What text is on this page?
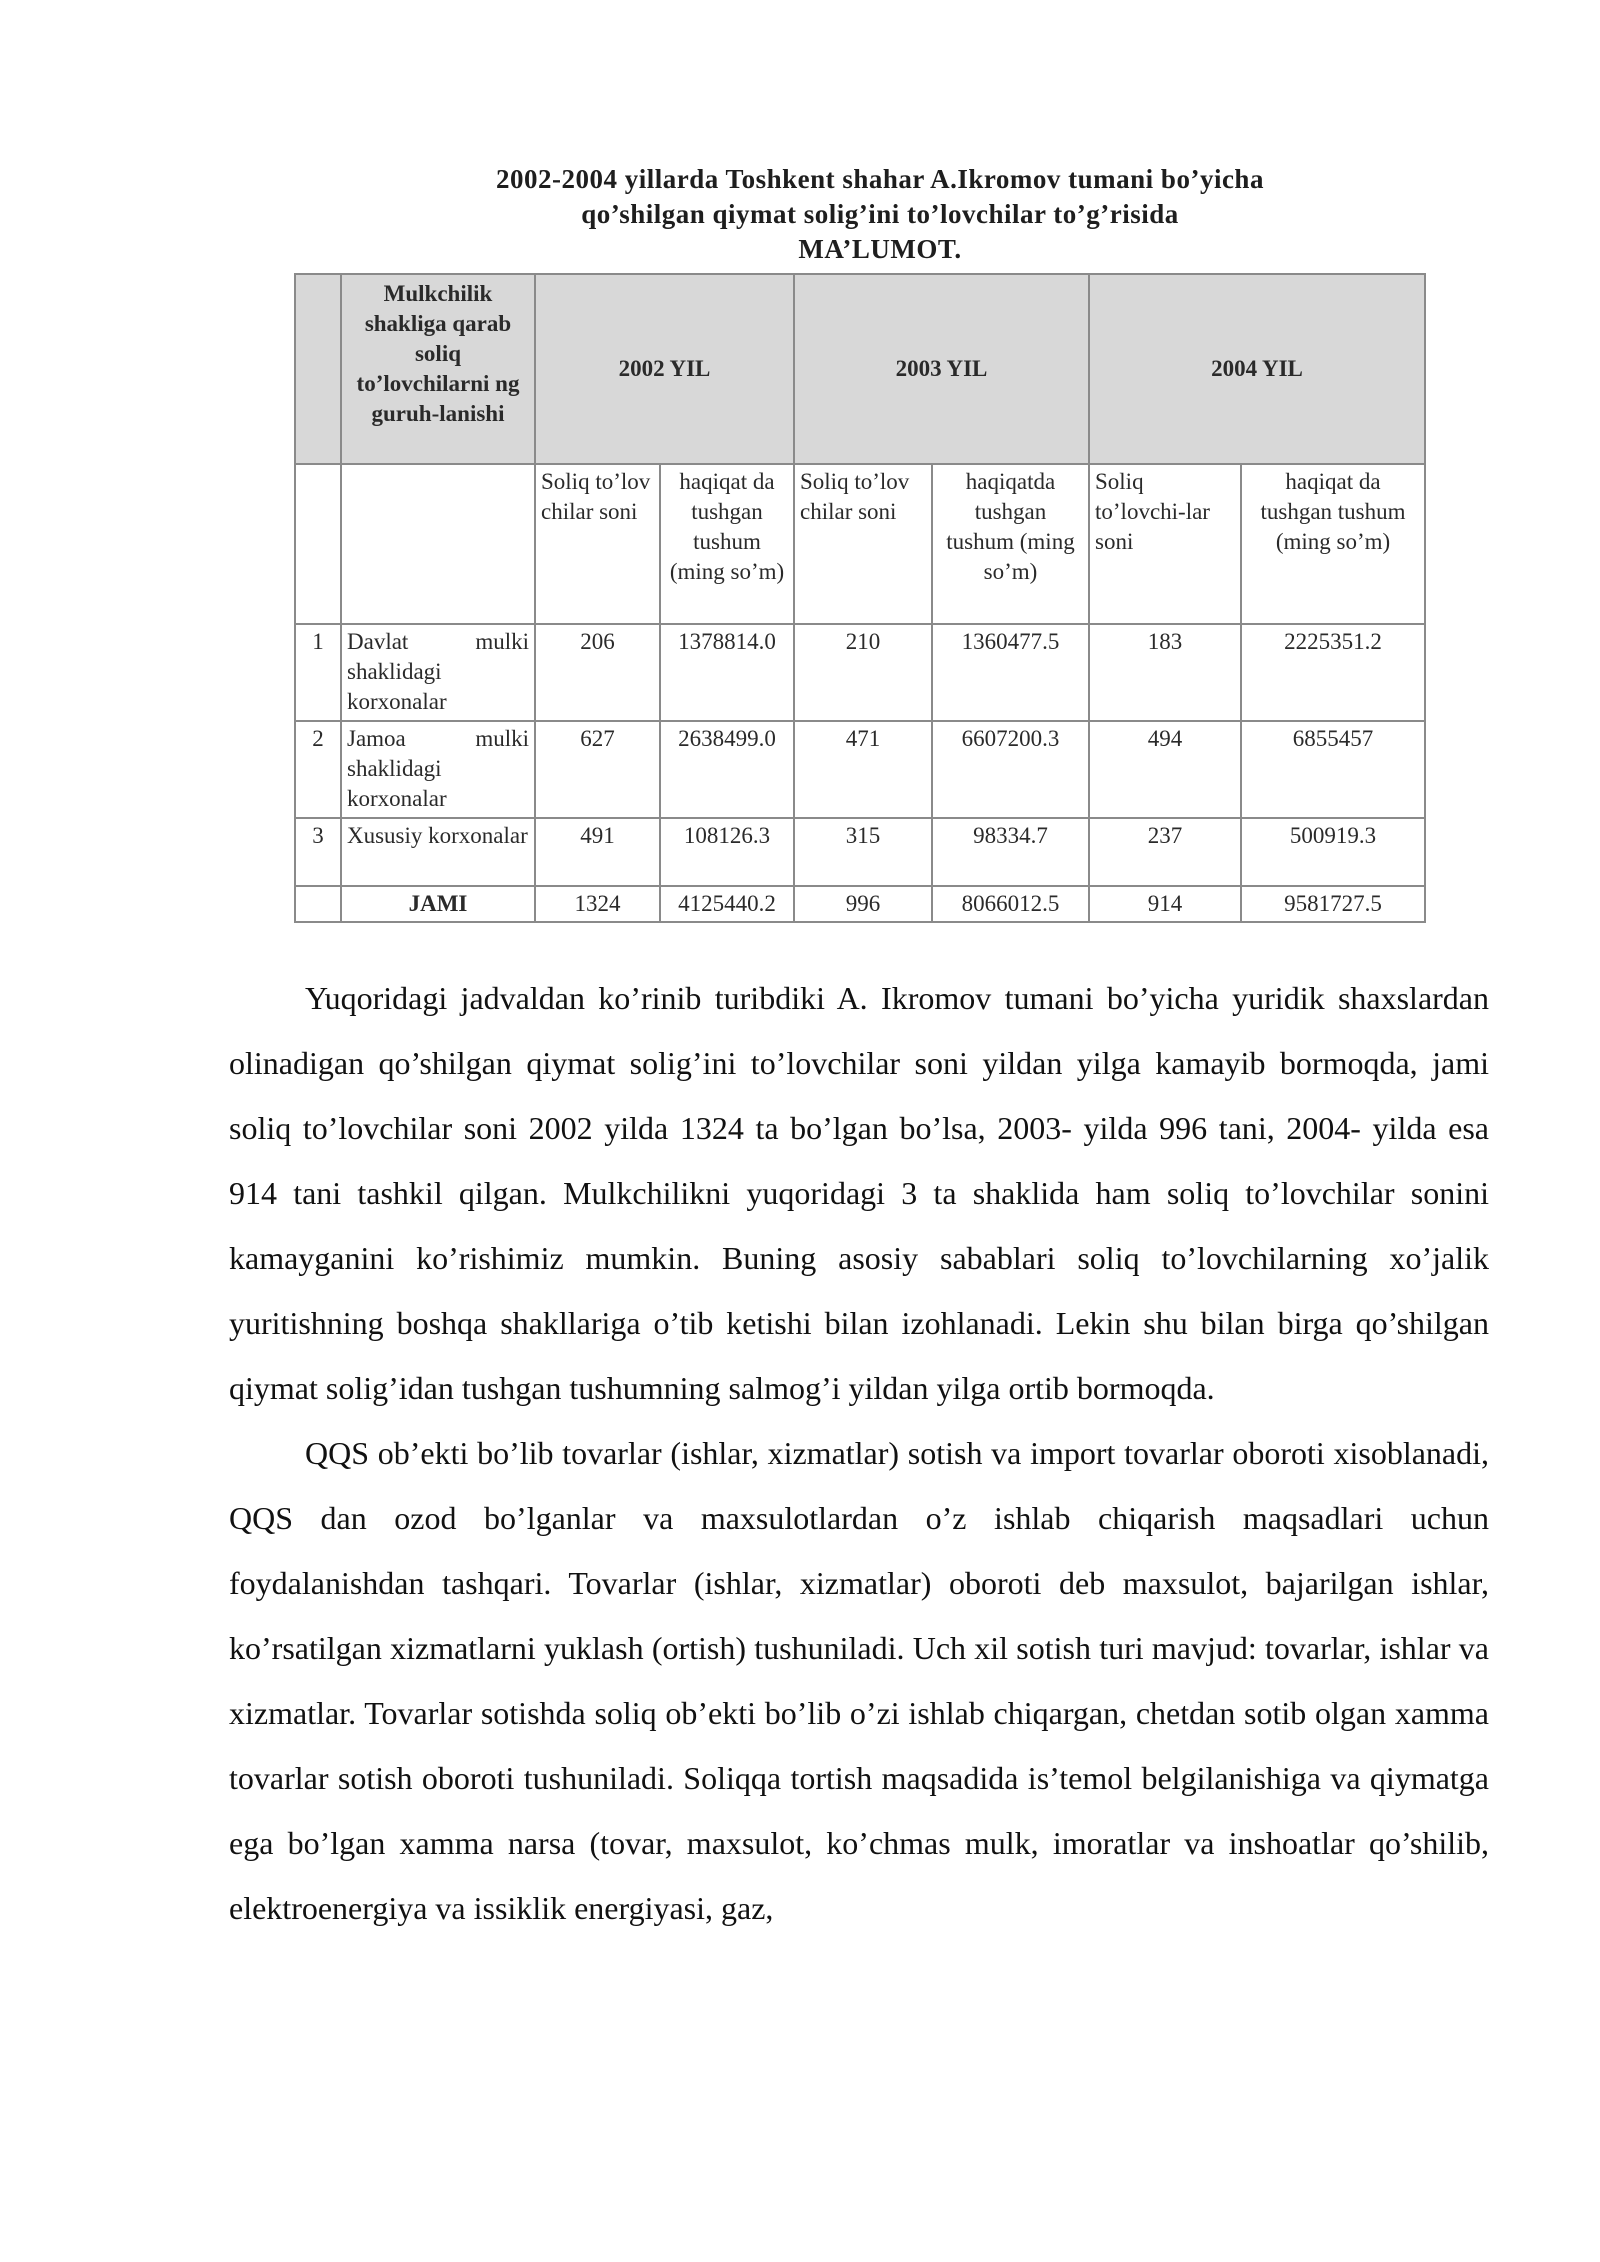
2002-2004 yillarda Toshkent shahar A.Ikromov tumani bo’yicha
qo’shilgan qiymat solig’ini to’lovchilar to’g’risida
MA’LUMOT.
	Mulkchilik shakliga qarab soliq to’lovchilarni ng guruh-lanishi	2002 YIL		2003 YIL		2004 YIL	
		Soliq to’lov chilar soni	haqiqat da tushgan tushum (ming so’m)	Soliq to’lov chilar soni	haqiqatda tushgan tushum (ming so’m)	Soliq to’lovchi-lar soni	haqiqat da tushgan tushum (ming so’m)
1	Davlat mulki shaklidagi korxonalar	206	1378814.0	210	1360477.5	183	2225351.2
2	Jamoa mulki shaklidagi korxonalar	627	2638499.0	471	6607200.3	494	6855457
3	Xususiy korxonalar	491	108126.3	315	98334.7	237	500919.3
	JAMI	1324	4125440.2	996	8066012.5	914	9581727.5

Yuqoridagi jadvaldan ko’rinib turibdiki A. Ikromov tumani bo’yicha yuridik shaxslardan olinadigan qo’shilgan qiymat solig’ini to’lovchilar soni yildan yilga kamayib bormoqda, jami soliq to’lovchilar soni 2002 yilda 1324 ta bo’lgan bo’lsa, 2003- yilda 996 tani, 2004- yilda esa 914 tani tashkil qilgan. Mulkchilikni yuqoridagi 3 ta shaklida ham soliq to’lovchilar sonini kamayganini ko’rishimiz mumkin. Buning asosiy sabablari soliq to’lovchilarning xo’jalik yuritishning boshqa shakllariga o’tib ketishi bilan izohlanadi. Lekin shu bilan birga qo’shilgan qiymat solig’idan tushgan tushumning salmog’i yildan yilga ortib bormoqda.

QQS ob’ekti bo’lib tovarlar (ishlar, xizmatlar) sotish va import tovarlar oboroti xisoblanadi, QQS dan ozod bo’lganlar va maxsulotlardan o’z ishlab chiqarish maqsadlari uchun foydalanishdan tashqari. Tovarlar (ishlar, xizmatlar) oboroti deb maxsulot, bajarilgan ishlar, ko’rsatilgan xizmatlarni yuklash (ortish) tushuniladi. Uch xil sotish turi mavjud: tovarlar, ishlar va xizmatlar. Tovarlar sotishda soliq ob’ekti bo’lib o’zi ishlab chiqargan, chetdan sotib olgan xamma tovarlar sotish oboroti tushuniladi. Soliqqa tortish maqsadida is’temol belgilanishiga va qiymatga ega bo’lgan xamma narsa (tovar, maxsulot, ko’chmas mulk, imoratlar va inshoatlar qo’shilib, elektroenergiya va issiklik energiyasi, gaz,
